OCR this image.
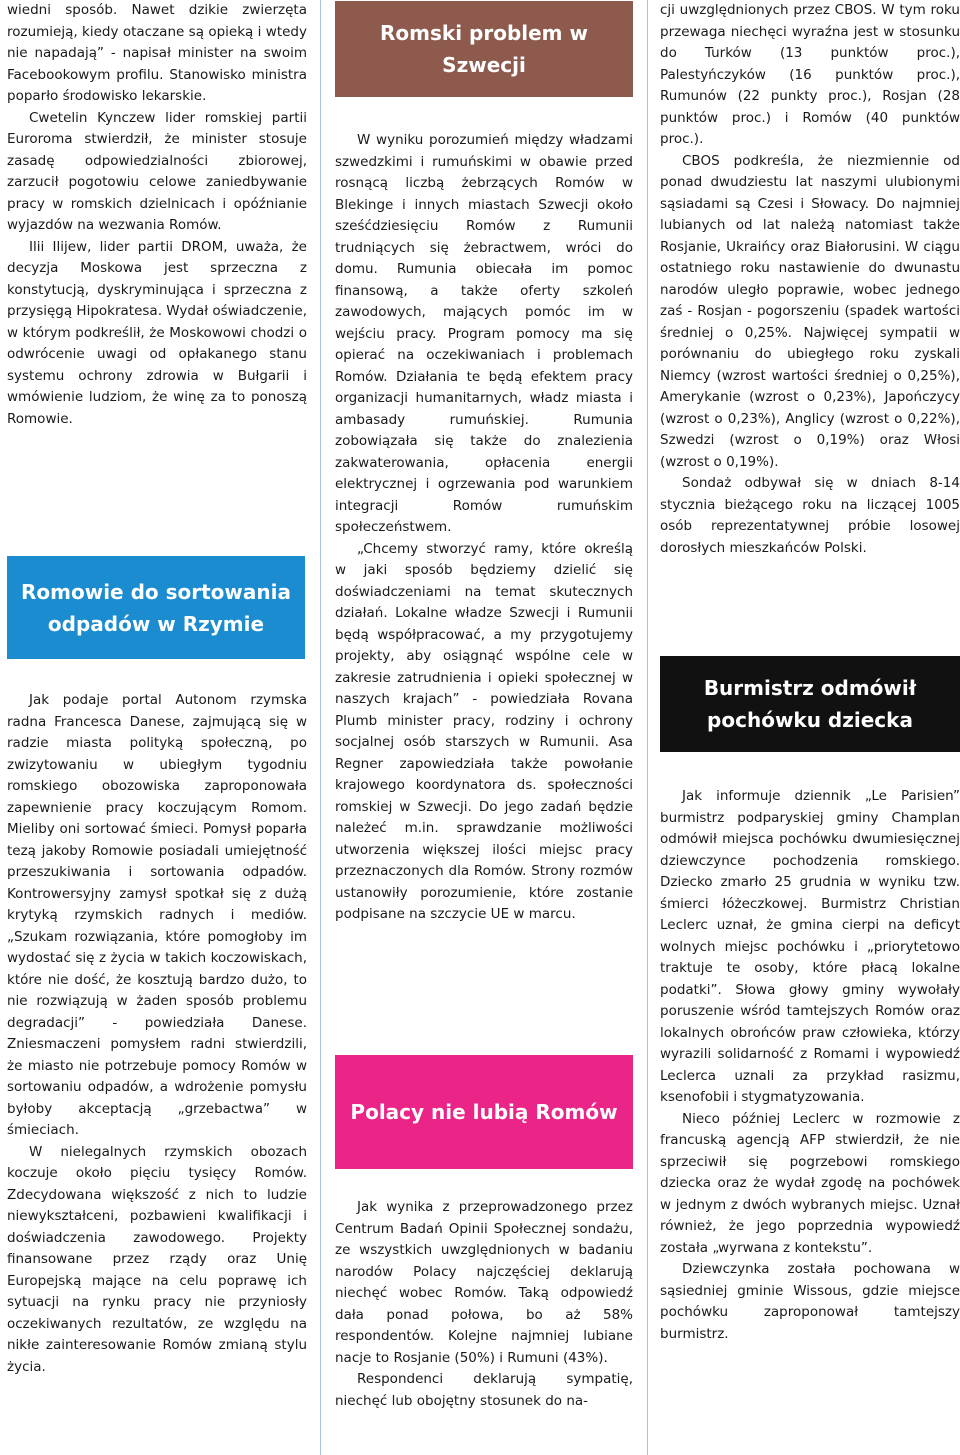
wiedni sposób. Nawet dzikie zwierzęta rozumieją, kiedy otaczane są opieką i wtedy nie napadają” - napisał minister na swoim Facebookowym profilu. Stanowisko ministra poparło środowisko lekarskie.

Cwetelin Kynczew lider romskiej partii Euroroma stwierdził, że minister stosuje zasadę odpowiedzialności zbiorowej, zarzucił pogotowiu celowe zaniedbywanie pracy w romskich dzielnicach i opóźnianie wyjazdów na wezwania Romów.

Ilii Ilijew, lider partii DROM, uważa, że decyzja Moskowa jest sprzeczna z konstytucją, dyskryminująca i sprzeczna z przysięgą Hipokratesa. Wydał oświadczenie, w którym podkreślił, że Moskowowi chodzi o odwrócenie uwagi od opłakanego stanu systemu ochrony zdrowia w Bułgarii i wmówienie ludziom, że winę za to ponoszą Romowie.

Romowie do sortowania odpadów w Rzymie

Jak podaje portal Autonom rzymska radna Francesca Danese, zajmującą się w radzie miasta polityką społeczną, po zwizytowaniu w ubiegłym tygodniu romskiego obozowiska zaproponowała zapewnienie pracy koczującym Romom. Mieliby oni sortować śmieci. Pomysł poparła tezą jakoby Romowie posiadali umiejętność przeszukiwania i sortowania odpadów. Kontrowersyjny zamysł spotkał się z dużą krytyką rzymskich radnych i mediów. „Szukam rozwiązania, które pomogłoby im wydostać się z życia w takich koczowiskach, które nie dość, że kosztują bardzo dużo, to nie rozwiązują w żaden sposób problemu degradacji” - powiedziała Danese. Zniesmaczeni pomysłem radni stwierdzili, że miasto nie potrzebuje pomocy Romów w sortowaniu odpadów, a wdrożenie pomysłu byłoby akceptacją „grzebactwa” w śmieciach.

W nielegalnych rzymskich obozach koczuje około pięciu tysięcy Romów. Zdecydowana większość z nich to ludzie niewykształceni, pozbawieni kwalifikacji i doświadczenia zawodowego. Projekty finansowane przez rządy oraz Unię Europejską mające na celu poprawę ich sytuacji na rynku pracy nie przyniosły oczekiwanych rezultatów, ze względu na nikłe zainteresowanie Romów zmianą stylu życia.

Romski problem w Szwecji

W wyniku porozumień między władzami szwedzkimi i rumuńskimi w obawie przed rosnącą liczbą żebrzących Romów w Blekinge i innych miastach Szwecji około sześćdziesięciu Romów z Rumunii trudniących się żebractwem, wróci do domu. Rumunia obiecała im pomoc finansową, a także oferty szkoleń zawodowych, mających pomóc im w wejściu pracy. Program pomocy ma się opierać na oczekiwaniach i problemach Romów. Działania te będą efektem pracy organizacji humanitarnych, władz miasta i ambasady rumuńskiej. Rumunia zobowiązała się także do znalezienia zakwaterowania, opłacenia energii elektrycznej i ogrzewania pod warunkiem integracji Romów rumuńskim społeczeństwem.

„Chcemy stworzyć ramy, które określą w jaki sposób będziemy dzielić się doświadczeniami na temat skutecznych działań. Lokalne władze Szwecji i Rumunii będą współpracować, a my przygotujemy projekty, aby osiągnąć wspólne cele w zakresie zatrudnienia i opieki społecznej w naszych krajach” - powiedziała Rovana Plumb minister pracy, rodziny i ochrony socjalnej osób starszych w Rumunii. Asa Regner zapowiedziała także powołanie krajowego koordynatora ds. społeczności romskiej w Szwecji. Do jego zadań będzie należeć m.in. sprawdzanie możliwości utworzenia większej ilości miejsc pracy przeznaczonych dla Romów. Strony rozmów ustanowiły porozumienie, które zostanie podpisane na szczycie UE w marcu.

Polacy nie lubią Romów

Jak wynika z przeprowadzonego przez Centrum Badań Opinii Społecznej sondażu, ze wszystkich uwzględnionych w badaniu narodów Polacy najczęściej deklarują niechęć wobec Romów. Taką odpowiedź dała ponad połowa, bo aż 58% respondentów. Kolejne najmniej lubiane nacje to Rosjanie (50%) i Rumuni (43%).

Respondenci deklarują sympatię, niechęć lub obojętny stosunek do na-

cji uwzględnionych przez CBOS. W tym roku przewaga niechęci wyraźna jest w stosunku do Turków (13 punktów proc.), Palestyńczyków (16 punktów proc.), Rumunów (22 punkty proc.), Rosjan (28 punktów proc.) i Romów (40 punktów proc.).

CBOS podkreśla, że niezmiennie od ponad dwudziestu lat naszymi ulubionymi sąsiadami są Czesi i Słowacy. Do najmniej lubianych od lat należą natomiast także Rosjanie, Ukraińcy oraz Białorusini. W ciągu ostatniego roku nastawienie do dwunastu narodów uległo poprawie, wobec jednego zaś - Rosjan - pogorszeniu (spadek wartości średniej o 0,25%. Najwięcej sympatii w porównaniu do ubiegłego roku zyskali Niemcy (wzrost wartości średniej o 0,25%), Amerykanie (wzrost o 0,23%), Japończycy (wzrost o 0,23%), Anglicy (wzrost o 0,22%), Szwedzi (wzrost o 0,19%) oraz Włosi (wzrost o 0,19%).

Sondaż odbywał się w dniach 8-14 stycznia bieżącego roku na liczącej 1005 osób reprezentatywnej próbie losowej dorosłych mieszkańców Polski.

Burmistrz odmówił pochówku dziecka

Jak informuje dziennik „Le Parisien” burmistrz podparyskiej gminy Champlan odmówił miejsca pochówku dwumiesięcznej dziewczynce pochodzenia romskiego. Dziecko zmarło 25 grudnia w wyniku tzw. śmierci łóżeczkowej. Burmistrz Christian Leclerc uznał, że gmina cierpi na deficyt wolnych miejsc pochówku i „priorytetowo traktuje te osoby, które płacą lokalne podatki”. Słowa głowy gminy wywołały poruszenie wśród tamtejszych Romów oraz lokalnych obrońców praw człowieka, którzy wyrazili solidarność z Romami i wypowiedź Leclerca uznali za przykład rasizmu, ksenofobii i stygmatyzowania.

Nieco później Leclerc w rozmowie z francuską agencją AFP stwierdził, że nie sprzeciwił się pogrzebowi romskiego dziecka oraz że wydał zgodę na pochówek w jednym z dwóch wybranych miejsc. Uznał również, że jego poprzednia wypowiedź została „wyrwana z kontekstu”.

Dziewczynka została pochowana w sąsiedniej gminie Wissous, gdzie miejsce pochówku zaproponował tamtejszy burmistrz.
